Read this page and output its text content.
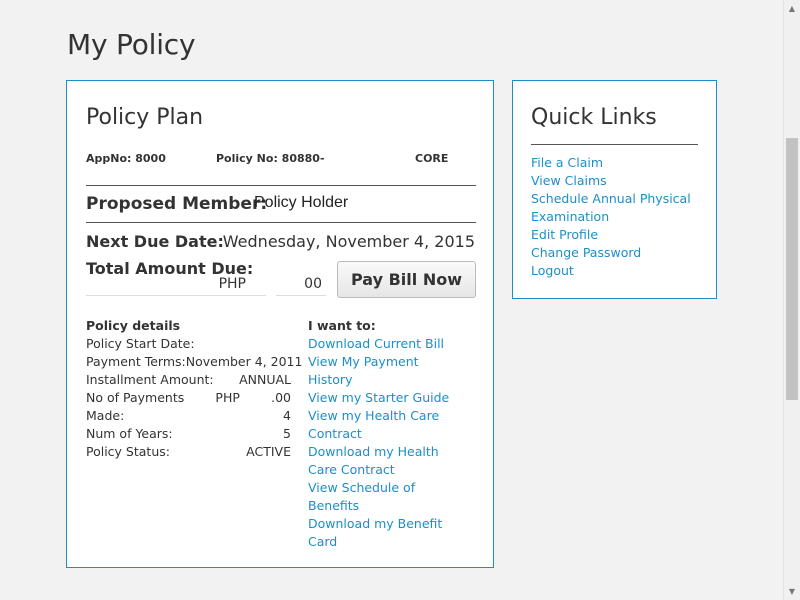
My Policy
Policy Plan
AppNo: 8000	Policy No: 80880-	CORE
Proposed Member:
Policy Holder
Next Due Date:
Wednesday, November 4, 2015
Total Amount Due:
PHP	00	Pay Bill Now
Policy details
Policy Start Date:
Payment Terms: November 4, 2011
Installment Amount: ANNUAL
No of Payments	PHP	.00
Made:	4
Num of Years:	5
Policy Status:	ACTIVE
I want to:
Download Current Bill
View My Payment History
View my Starter Guide
View my Health Care Contract
Download my Health Care Contract
View Schedule of Benefits
Download my Benefit Card
Quick Links
File a Claim
View Claims
Schedule Annual Physical Examination
Edit Profile
Change Password
Logout
▲
▼
